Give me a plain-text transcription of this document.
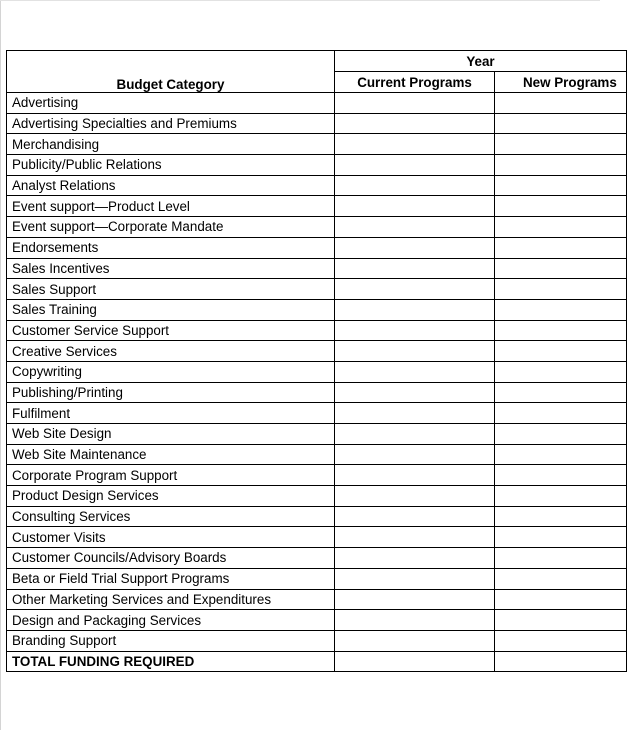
Budget Category	Year	
	Current Programs	New Programs
Advertising		
Advertising Specialties and Premiums		
Merchandising		
Publicity/Public Relations		
Analyst Relations		
Event support—Product Level		
Event support—Corporate Mandate		
Endorsements		
Sales Incentives		
Sales Support		
Sales Training		
Customer Service Support		
Creative Services		
Copywriting		
Publishing/Printing		
Fulfilment		
Web Site Design		
Web Site Maintenance		
Corporate Program Support		
Product Design Services		
Consulting Services		
Customer Visits		
Customer Councils/Advisory Boards		
Beta or Field Trial Support Programs		
Other Marketing Services and Expenditures		
Design and Packaging Services		
Branding Support		
TOTAL FUNDING REQUIRED		
